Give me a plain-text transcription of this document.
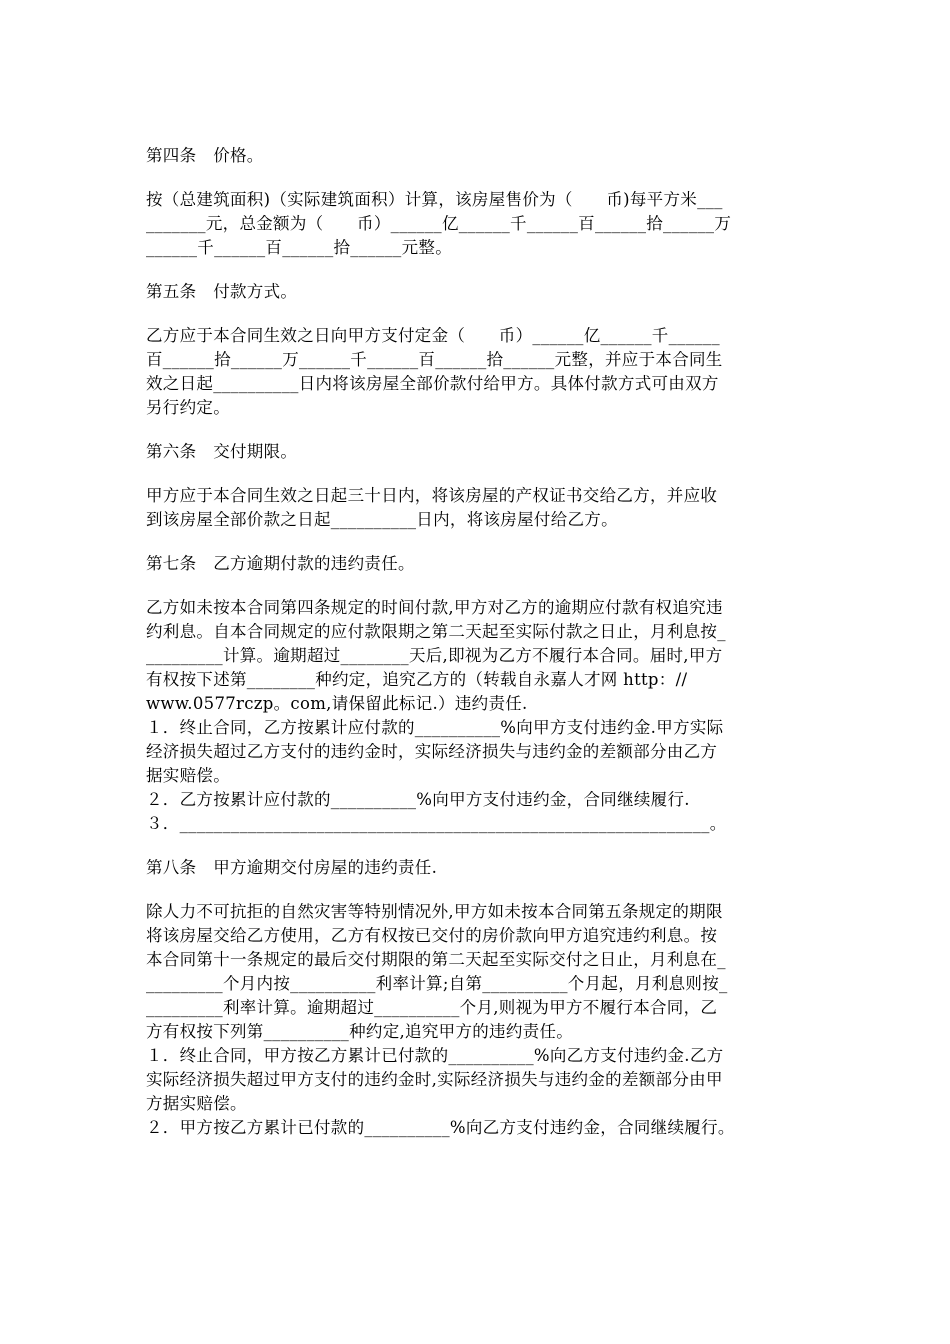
第四条　价格。
按（总建筑面积)（实际建筑面积）计算，该房屋售价为（　　币)每平方米___
_______元，总金额为（　　币）______亿______千______百______拾______万
______千______百______拾______元整。
第五条　付款方式。
乙方应于本合同生效之日向甲方支付定金（　　币）______亿______千______
百______拾______万______千______百______拾______元整，并应于本合同生
效之日起__________日内将该房屋全部价款付给甲方。具体付款方式可由双方
另行约定。
第六条　交付期限。
甲方应于本合同生效之日起三十日内，将该房屋的产权证书交给乙方，并应收
到该房屋全部价款之日起__________日内，将该房屋付给乙方。
第七条　乙方逾期付款的违约责任。
乙方如未按本合同第四条规定的时间付款,甲方对乙方的逾期应付款有权追究违
约利息。自本合同规定的应付款限期之第二天起至实际付款之日止，月利息按_
_________计算。逾期超过________天后,即视为乙方不履行本合同。届时,甲方
有权按下述第________种约定，追究乙方的（转载自永嘉人才网 http：//
www.0577rczp。com,请保留此标记.）违约责任.
１．终止合同，乙方按累计应付款的__________%向甲方支付违约金.甲方实际
经济损失超过乙方支付的违约金时，实际经济损失与违约金的差额部分由乙方
据实赔偿。
２．乙方按累计应付款的__________%向甲方支付违约金，合同继续履行.
３．______________________________________________________________。
第八条　甲方逾期交付房屋的违约责任.
除人力不可抗拒的自然灾害等特别情况外,甲方如未按本合同第五条规定的期限
将该房屋交给乙方使用，乙方有权按已交付的房价款向甲方追究违约利息。按
本合同第十一条规定的最后交付期限的第二天起至实际交付之日止，月利息在_
_________个月内按__________利率计算;自第__________个月起，月利息则按_
_________利率计算。逾期超过__________个月,则视为甲方不履行本合同，乙
方有权按下列第__________种约定,追究甲方的违约责任。
１．终止合同，甲方按乙方累计已付款的__________%向乙方支付违约金.乙方
实际经济损失超过甲方支付的违约金时,实际经济损失与违约金的差额部分由甲
方据实赔偿。
２．甲方按乙方累计已付款的__________%向乙方支付违约金，合同继续履行。
